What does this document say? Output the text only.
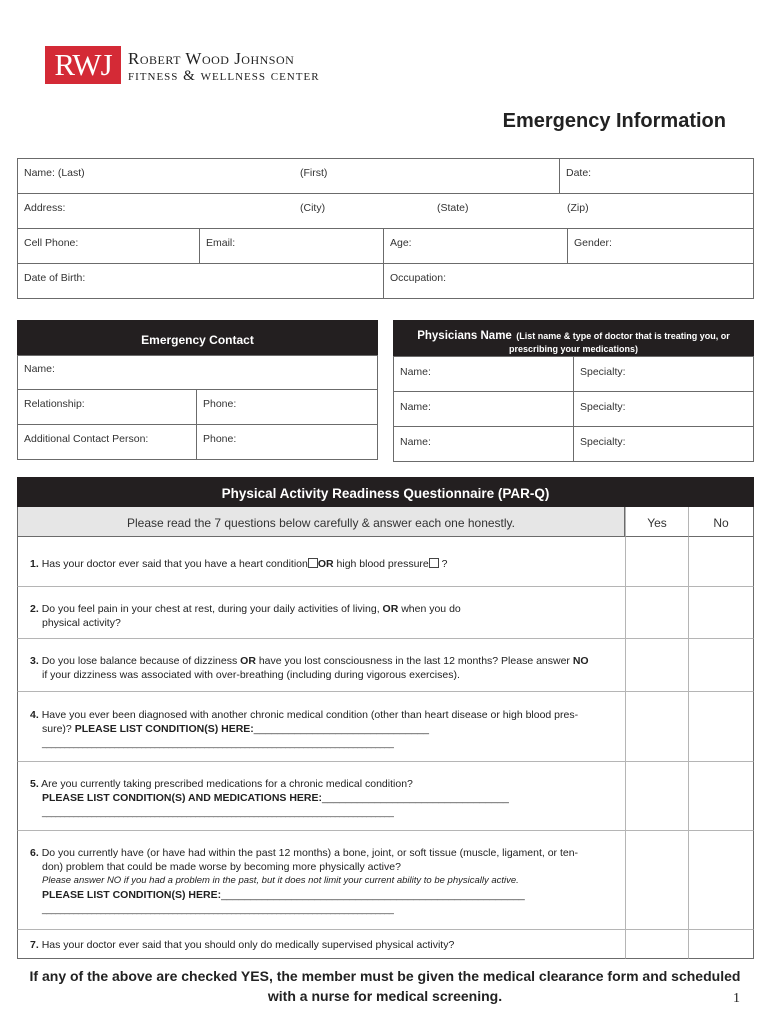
RWJ Robert Wood Johnson
fitness & wellness center
Emergency Information
Name: (Last)	(First)	Date:
Address:	(City)	(State)	(Zip)
Cell Phone:	Email:	Age:	Gender:
Date of Birth:	Occupation:
Emergency Contact
Name:
Relationship:	Phone:
Additional Contact Person:	Phone:
Physicians Name (List name & type of doctor that is treating you, or
prescribing your medications)
Name:	Specialty:
Name:	Specialty:
Name:	Specialty:
Physical Activity Readiness Questionnaire (PAR-Q)
Please read the 7 questions below carefully & answer each one honestly.	Yes	No
1. Has your doctor ever said that you have a heart condition OR high blood pressure ?
2. Do you feel pain in your chest at rest, during your daily activities of living, OR when you do
physical activity?
3. Do you lose balance because of dizziness OR have you lost consciousness in the last 12 months? Please answer NO
if your dizziness was associated with over-breathing (including during vigorous exercises).
4. Have you ever been diagnosed with another chronic medical condition (other than heart disease or high blood pres-
sure)? PLEASE LIST CONDITION(S) HERE:______________________________
______________________________________________________________________________
5. Are you currently taking prescribed medications for a chronic medical condition?
PLEASE LIST CONDITION(S) AND MEDICATIONS HERE:________________________________
______________________________________________________________________________
6. Do you currently have (or have had within the past 12 months) a bone, joint, or soft tissue (muscle, ligament, or ten-
don) problem that could be made worse by becoming more physically active?
Please answer NO if you had a problem in the past, but it does not limit your current ability to be physically active.
PLEASE LIST CONDITION(S) HERE:____________________________________________________
______________________________________________________________________________
7. Has your doctor ever said that you should only do medically supervised physical activity?
If any of the above are checked YES, the member must be given the medical clearance form and scheduled
with a nurse for medical screening.	1
